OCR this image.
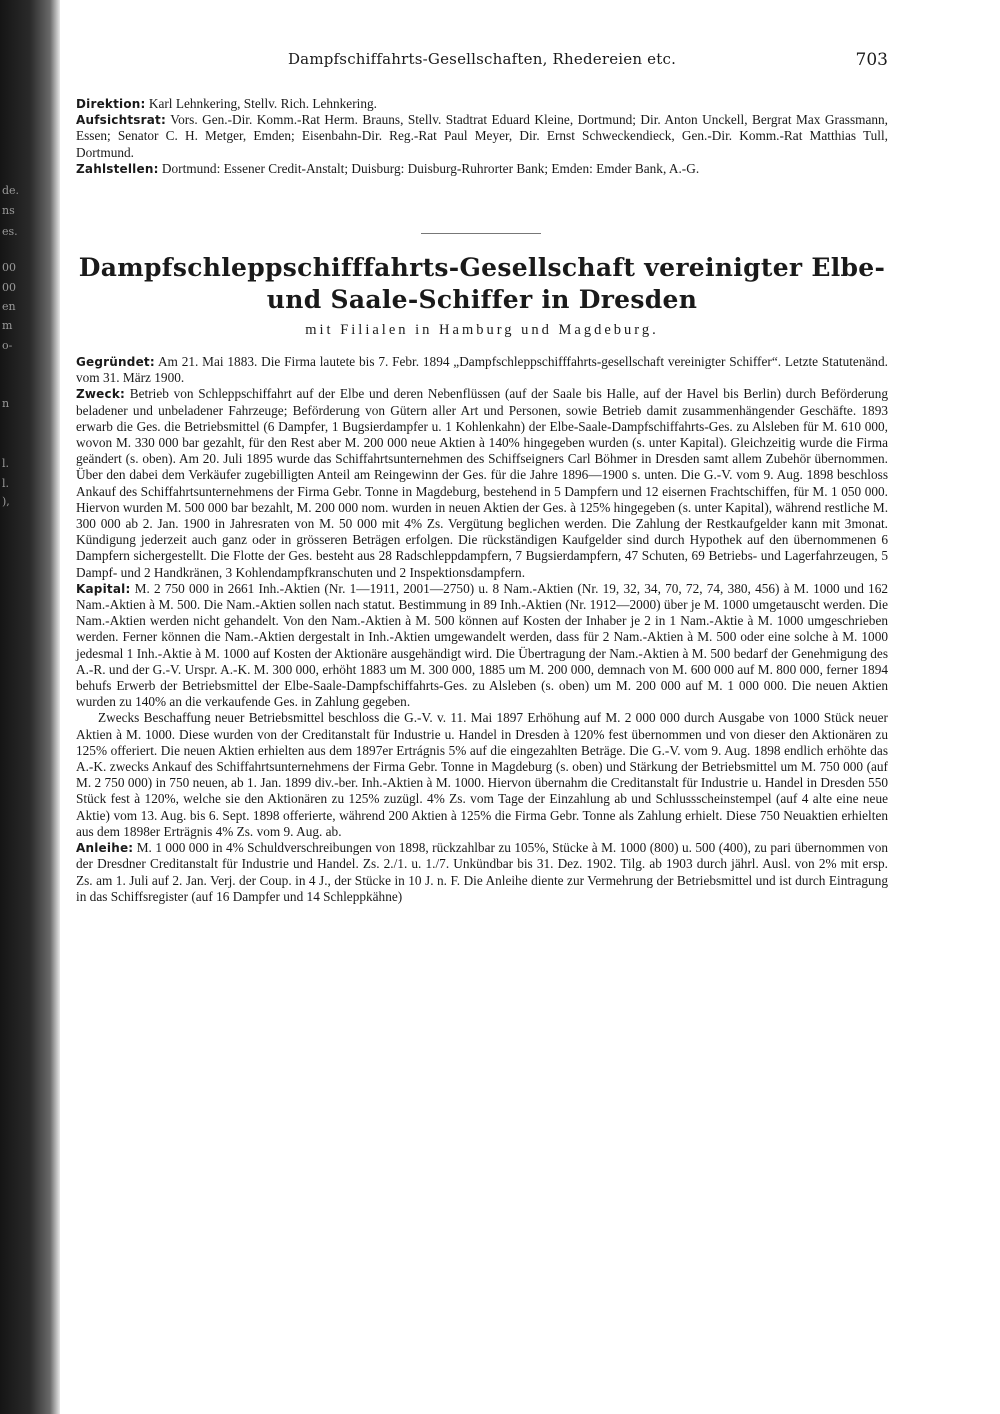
de.
ns
es.
00
00
en
m
o-
n
l.
l.
),
Dampfschiffahrts-Gesellschaften, Rhedereien etc.	703

Direktion: Karl Lehnkering, Stellv. Rich. Lehnkering.

Aufsichtsrat: Vors. Gen.-Dir. Komm.-Rat Herm. Brauns, Stellv. Stadtrat Eduard Kleine, Dortmund; Dir. Anton Unckell, Bergrat Max Grassmann, Essen; Senator C. H. Metger, Emden; Eisenbahn-Dir. Reg.-Rat Paul Meyer, Dir. Ernst Schweckendieck, Gen.-Dir. Komm.-Rat Matthias Tull, Dortmund.

Zahlstellen: Dortmund: Essener Credit-Anstalt; Duisburg: Duisburg-Ruhrorter Bank; Emden: Emder Bank, A.-G.

Dampfschleppschifffahrts-Gesellschaft vereinigter Elbe- und Saale-Schiffer in Dresden
mit Filialen in Hamburg und Magdeburg.

Gegründet: Am 21. Mai 1883. Die Firma lautete bis 7. Febr. 1894 „Dampfschleppschifffahrts-gesellschaft vereinigter Schiffer“. Letzte Statutenänd. vom 31. März 1900.

Zweck: Betrieb von Schleppschiffahrt auf der Elbe und deren Nebenflüssen (auf der Saale bis Halle, auf der Havel bis Berlin) durch Beförderung beladener und unbeladener Fahrzeuge; Beförderung von Gütern aller Art und Personen, sowie Betrieb damit zusammenhängender Geschäfte. 1893 erwarb die Ges. die Betriebsmittel (6 Dampfer, 1 Bugsierdampfer u. 1 Kohlenkahn) der Elbe-Saale-Dampfschiffahrts-Ges. zu Alsleben für M. 610 000, wovon M. 330 000 bar gezahlt, für den Rest aber M. 200 000 neue Aktien à 140% hingegeben wurden (s. unter Kapital). Gleichzeitig wurde die Firma geändert (s. oben). Am 20. Juli 1895 wurde das Schiffahrtsunternehmen des Schiffseigners Carl Böhmer in Dresden samt allem Zubehör übernommen. Über den dabei dem Verkäufer zugebilligten Anteil am Reingewinn der Ges. für die Jahre 1896—1900 s. unten. Die G.-V. vom 9. Aug. 1898 beschloss Ankauf des Schiffahrtsunternehmens der Firma Gebr. Tonne in Magdeburg, bestehend in 5 Dampfern und 12 eisernen Frachtschiffen, für M. 1 050 000. Hiervon wurden M. 500 000 bar bezahlt, M. 200 000 nom. wurden in neuen Aktien der Ges. à 125% hingegeben (s. unter Kapital), während restliche M. 300 000 ab 2. Jan. 1900 in Jahresraten von M. 50 000 mit 4% Zs. Vergütung beglichen werden. Die Zahlung der Restkaufgelder kann mit 3monat. Kündigung jederzeit auch ganz oder in grösseren Beträgen erfolgen. Die rückständigen Kaufgelder sind durch Hypothek auf den übernommenen 6 Dampfern sichergestellt. Die Flotte der Ges. besteht aus 28 Radschleppdampfern, 7 Bugsierdampfern, 47 Schuten, 69 Betriebs- und Lagerfahrzeugen, 5 Dampf- und 2 Handkränen, 3 Kohlendampfkranschuten und 2 Inspektionsdampfern.

Kapital: M. 2 750 000 in 2661 Inh.-Aktien (Nr. 1—1911, 2001—2750) u. 8 Nam.-Aktien (Nr. 19, 32, 34, 70, 72, 74, 380, 456) à M. 1000 und 162 Nam.-Aktien à M. 500. Die Nam.-Aktien sollen nach statut. Bestimmung in 89 Inh.-Aktien (Nr. 1912—2000) über je M. 1000 umgetauscht werden. Die Nam.-Aktien werden nicht gehandelt. Von den Nam.-Aktien à M. 500 können auf Kosten der Inhaber je 2 in 1 Nam.-Aktie à M. 1000 umgeschrieben werden. Ferner können die Nam.-Aktien dergestalt in Inh.-Aktien umgewandelt werden, dass für 2 Nam.-Aktien à M. 500 oder eine solche à M. 1000 jedesmal 1 Inh.-Aktie à M. 1000 auf Kosten der Aktionäre ausgehändigt wird. Die Übertragung der Nam.-Aktien à M. 500 bedarf der Genehmigung des A.-R. und der G.-V. Urspr. A.-K. M. 300 000, erhöht 1883 um M. 300 000, 1885 um M. 200 000, demnach von M. 600 000 auf M. 800 000, ferner 1894 behufs Erwerb der Betriebsmittel der Elbe-Saale-Dampfschiffahrts-Ges. zu Alsleben (s. oben) um M. 200 000 auf M. 1 000 000. Die neuen Aktien wurden zu 140% an die verkaufende Ges. in Zahlung gegeben.

Zwecks Beschaffung neuer Betriebsmittel beschloss die G.-V. v. 11. Mai 1897 Erhöhung auf M. 2 000 000 durch Ausgabe von 1000 Stück neuer Aktien à M. 1000. Diese wurden von der Creditanstalt für Industrie u. Handel in Dresden à 120% fest übernommen und von dieser den Aktionären zu 125% offeriert. Die neuen Aktien erhielten aus dem 1897er Ertrágnis 5% auf die eingezahlten Beträge. Die G.-V. vom 9. Aug. 1898 endlich erhöhte das A.-K. zwecks Ankauf des Schiffahrtsunternehmens der Firma Gebr. Tonne in Magdeburg (s. oben) und Stärkung der Betriebsmittel um M. 750 000 (auf M. 2 750 000) in 750 neuen, ab 1. Jan. 1899 div.-ber. Inh.-Aktien à M. 1000. Hiervon übernahm die Creditanstalt für Industrie u. Handel in Dresden 550 Stück fest à 120%, welche sie den Aktionären zu 125% zuzügl. 4% Zs. vom Tage der Einzahlung ab und Schlussscheinstempel (auf 4 alte eine neue Aktie) vom 13. Aug. bis 6. Sept. 1898 offerierte, während 200 Aktien à 125% die Firma Gebr. Tonne als Zahlung erhielt. Diese 750 Neuaktien erhielten aus dem 1898er Erträgnis 4% Zs. vom 9. Aug. ab.

Anleihe: M. 1 000 000 in 4% Schuldverschreibungen von 1898, rückzahlbar zu 105%, Stücke à M. 1000 (800) u. 500 (400), zu pari übernommen von der Dresdner Creditanstalt für Industrie und Handel. Zs. 2./1. u. 1./7. Unkündbar bis 31. Dez. 1902. Tilg. ab 1903 durch jährl. Ausl. von 2% mit ersp. Zs. am 1. Juli auf 2. Jan. Verj. der Coup. in 4 J., der Stücke in 10 J. n. F. Die Anleihe diente zur Vermehrung der Betriebsmittel und ist durch Eintragung in das Schiffsregister (auf 16 Dampfer und 14 Schleppkähne)
